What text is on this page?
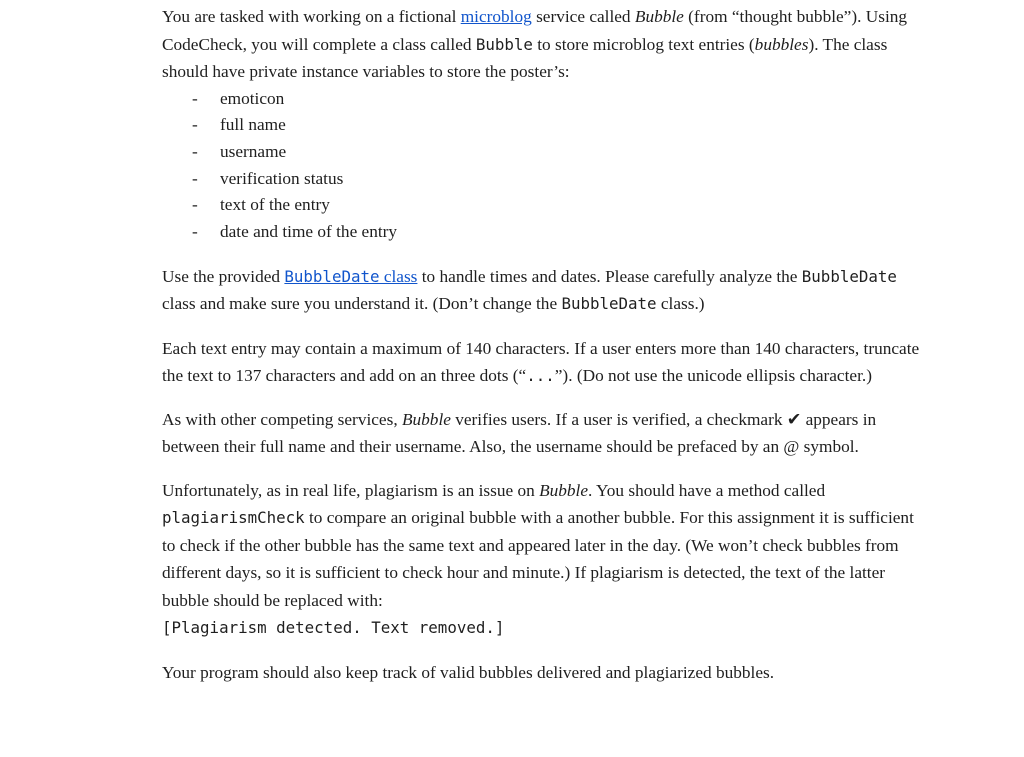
You are tasked with working on a fictional microblog service called Bubble (from “thought bubble”). Using CodeCheck, you will complete a class called Bubble to store microblog text entries (bubbles). The class should have private instance variables to store the poster’s:

- emoticon
- full name
- username
- verification status
- text of the entry
- date and time of the entry

Use the provided BubbleDate class to handle times and dates. Please carefully analyze the BubbleDate class and make sure you understand it. (Don’t change the BubbleDate class.)

Each text entry may contain a maximum of 140 characters. If a user enters more than 140 characters, truncate the text to 137 characters and add on an three dots (“...”). (Do not use the unicode ellipsis character.)

As with other competing services, Bubble verifies users. If a user is verified, a checkmark ✔ appears in between their full name and their username. Also, the username should be prefaced by an @ symbol.

Unfortunately, as in real life, plagiarism is an issue on Bubble. You should have a method called plagiarismCheck to compare an original bubble with a another bubble. For this assignment it is sufficient to check if the other bubble has the same text and appeared later in the day. (We won’t check bubbles from different days, so it is sufficient to check hour and minute.) If plagiarism is detected, the text of the latter bubble should be replaced with:

[Plagiarism detected. Text removed.]

Your program should also keep track of valid bubbles delivered and plagiarized bubbles.
